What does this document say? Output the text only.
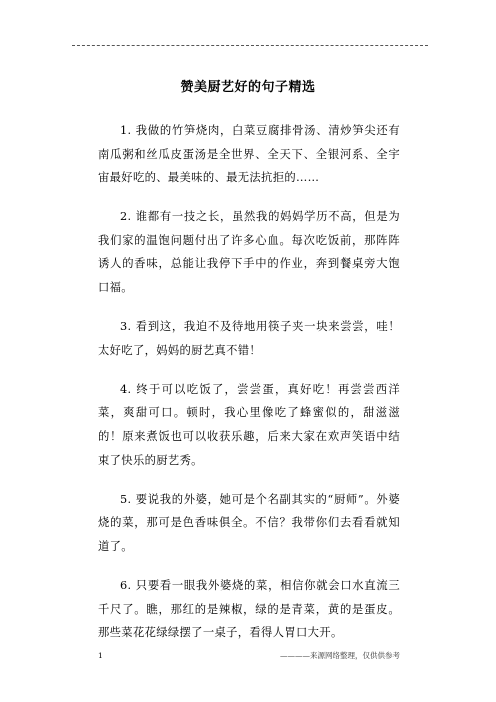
赞美厨艺好的句子精选

1. 我做的竹笋烧肉，白菜豆腐排骨汤、清炒笋尖还有南瓜粥和丝瓜皮蛋汤是全世界、全天下、全银河系、全宇宙最好吃的、最美味的、最无法抗拒的……

2. 谁都有一技之长，虽然我的妈妈学历不高，但是为我们家的温饱问题付出了许多心血。每次吃饭前，那阵阵诱人的香味，总能让我停下手中的作业，奔到餐桌旁大饱口福。

3. 看到这，我迫不及待地用筷子夹一块来尝尝，哇！太好吃了，妈妈的厨艺真不错！

4. 终于可以吃饭了，尝尝蛋，真好吃！再尝尝西洋菜，爽甜可口。顿时，我心里像吃了蜂蜜似的，甜滋滋的！原来煮饭也可以收获乐趣，后来大家在欢声笑语中结束了快乐的厨艺秀。

5. 要说我的外婆，她可是个名副其实的“厨师”。外婆烧的菜，那可是色香味俱全。不信？我带你们去看看就知道了。

6. 只要看一眼我外婆烧的菜，相信你就会口水直流三千尺了。瞧，那红的是辣椒，绿的是青菜，黄的是蛋皮。那些菜花花绿绿摆了一桌子，看得人胃口大开。

1	————来源网络整理，仅供供参考
